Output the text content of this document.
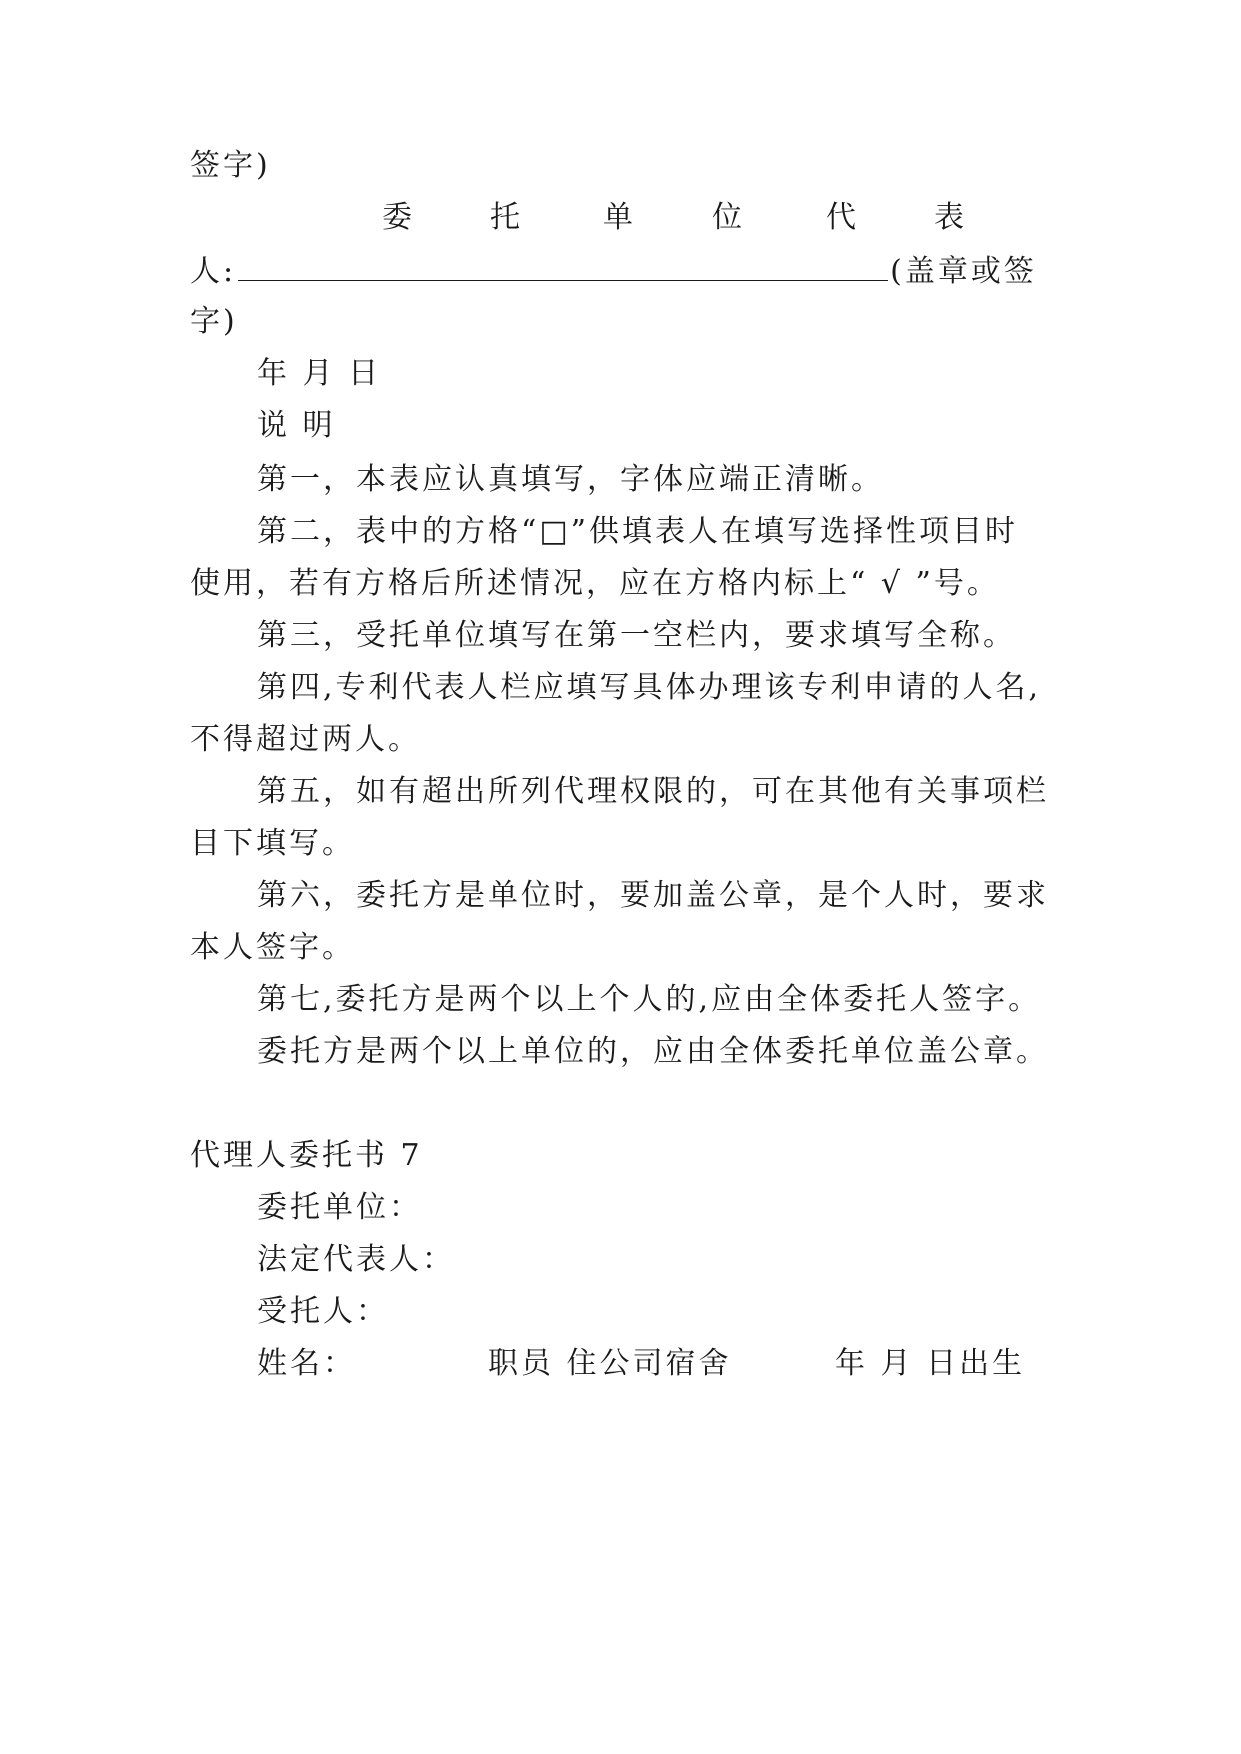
签字)
委	托	单	位	代	表
人:	(盖章或签
字)
年 月 日
说 明
第一，本表应认真填写，字体应端正清晰。
第二，表中的方格“□”供填表人在填写选择性项目时
使用，若有方格后所述情况，应在方格内标上“ √ ”号。
第三，受托单位填写在第一空栏内，要求填写全称。
第四,专利代表人栏应填写具体办理该专利申请的人名,
不得超过两人。
第五，如有超出所列代理权限的，可在其他有关事项栏
目下填写。
第六，委托方是单位时，要加盖公章，是个人时，要求
本人签字。
第七,委托方是两个以上个人的,应由全体委托人签字。
委托方是两个以上单位的，应由全体委托单位盖公章。
代理人委托书 7
委托单位：
法定代表人：
受托人：
姓名：	职员 住公司宿舍	年 月 日出生
